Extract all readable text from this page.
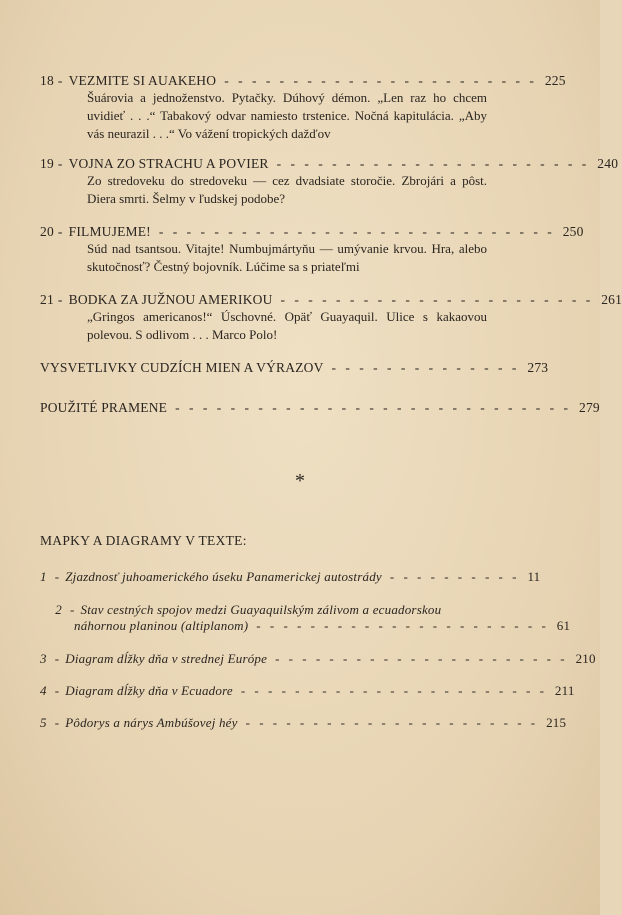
18 - VEZMITE SI AUAKEHO - - - - - - - - - - - - - - - - - - - - - - - 225
Šuárovia a jednoženstvo. Pytačky. Dúhový démon. „Len raz ho chcem uvidieť . . .“ Tabakový odvar namiesto trstenice. Nočná kapitulácia. „Aby vás neurazil . . .“ Vo vážení tropických dažďov
19 - VOJNA ZO STRACHU A POVIER - - - - - - - - - - - - - - - - - - - - - - - 240
Zo stredoveku do stredoveku — cez dvadsiate storočie. Zbrojári a pôst. Diera smrti. Šelmy v ľudskej podobe?
20 - FILMUJEME! - - - - - - - - - - - - - - - - - - - - - - - - - - - - - 250
Súd nad tsantsou. Vitajte! Numbujmártyňu — umývanie krvou. Hra, alebo skutočnosť? Čestný bojovník. Lúčime sa s priateľmi
21 - BODKA ZA JUŽNOU AMERIKOU - - - - - - - - - - - - - - - - - - - - - - - 261
„Gringos americanos!“ Úschovné. Opäť Guayaquil. Ulice s kakaovou polevou. S odlivom . . . Marco Polo!
VYSVETLIVKY CUDZÍCH MIEN A VÝRAZOV - - - - - - - - - - - - - - 273
POUŽITÉ PRAMENE - - - - - - - - - - - - - - - - - - - - - - - - - - - - - 279
*
MAPKY A DIAGRAMY V TEXTE:
1 - Zjazdnosť juhoamerického úseku Panamerickej autostrády - - - - - - - - - - 11
2 - Stav cestných spojov medzi Guayaquilským zálivom a ecuadorskou
náhornou planinou (altiplanom) - - - - - - - - - - - - - - - - - - - - - - 61
3 - Diagram dĺžky dňa v strednej Európe - - - - - - - - - - - - - - - - - - - - - - 210
4 - Diagram dĺžky dňa v Ecuadore - - - - - - - - - - - - - - - - - - - - - - - 211
5 - Pôdorys a nárys Ambúšovej héy - - - - - - - - - - - - - - - - - - - - - - 215
